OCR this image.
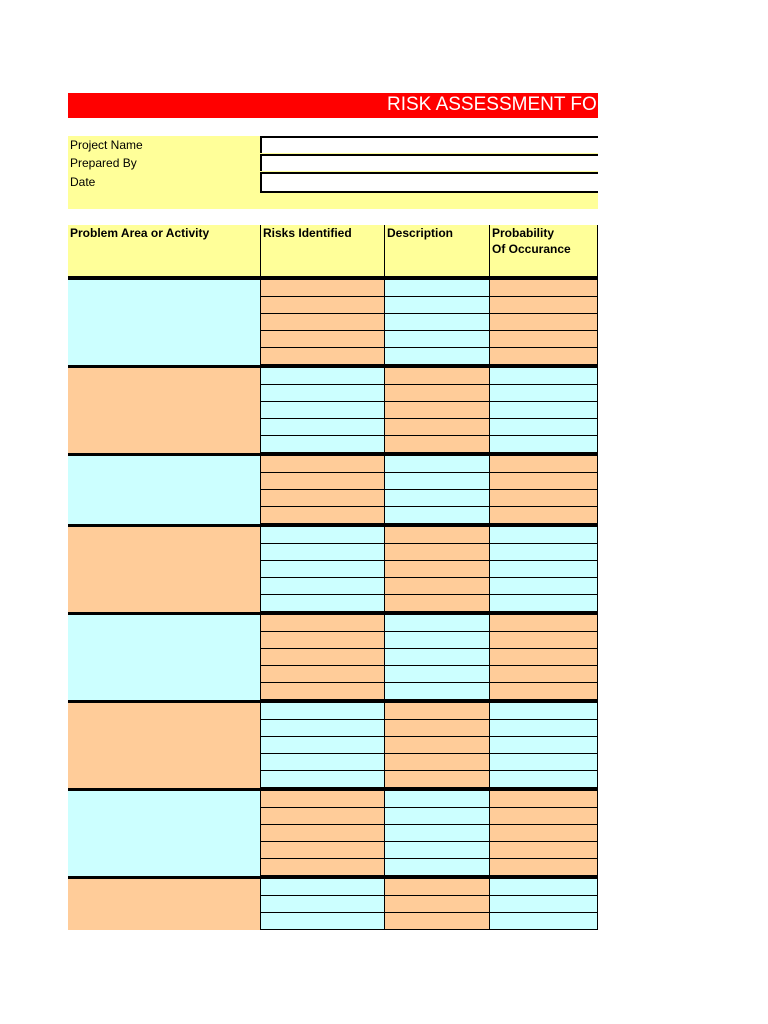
RISK ASSESSMENT FORM
Project Name
Prepared By
Date
Problem Area or Activity	Risks Identified	Description	Probability
Of Occurance
